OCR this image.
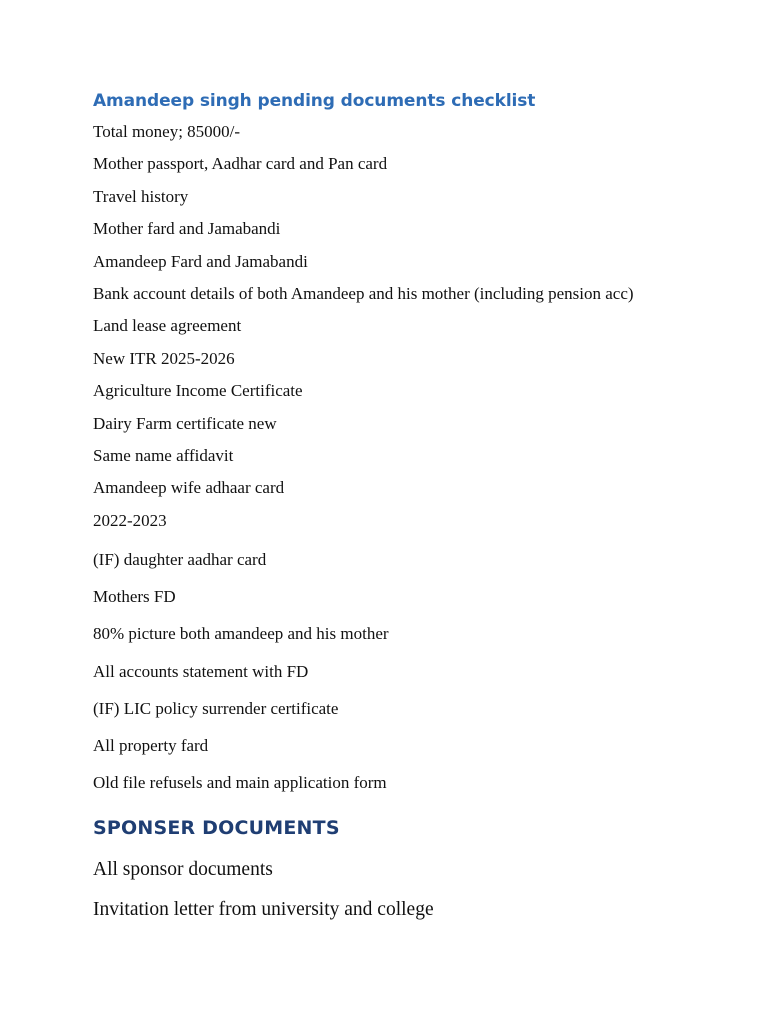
Amandeep singh pending documents checklist
Total money; 85000/-
Mother passport, Aadhar card and Pan card
Travel history
Mother fard and Jamabandi
Amandeep Fard and Jamabandi
Bank account details of both Amandeep and his mother (including pension acc)
Land lease agreement
New ITR 2025-2026
Agriculture Income Certificate
Dairy Farm certificate new
Same name affidavit
Amandeep wife adhaar card
2022-2023
(IF) daughter aadhar card
Mothers FD
80% picture both amandeep and his mother
All accounts statement with FD
(IF) LIC policy surrender certificate
All property fard
Old file refusels and main application form
SPONSER DOCUMENTS
All sponsor documents
Invitation letter from university and college
